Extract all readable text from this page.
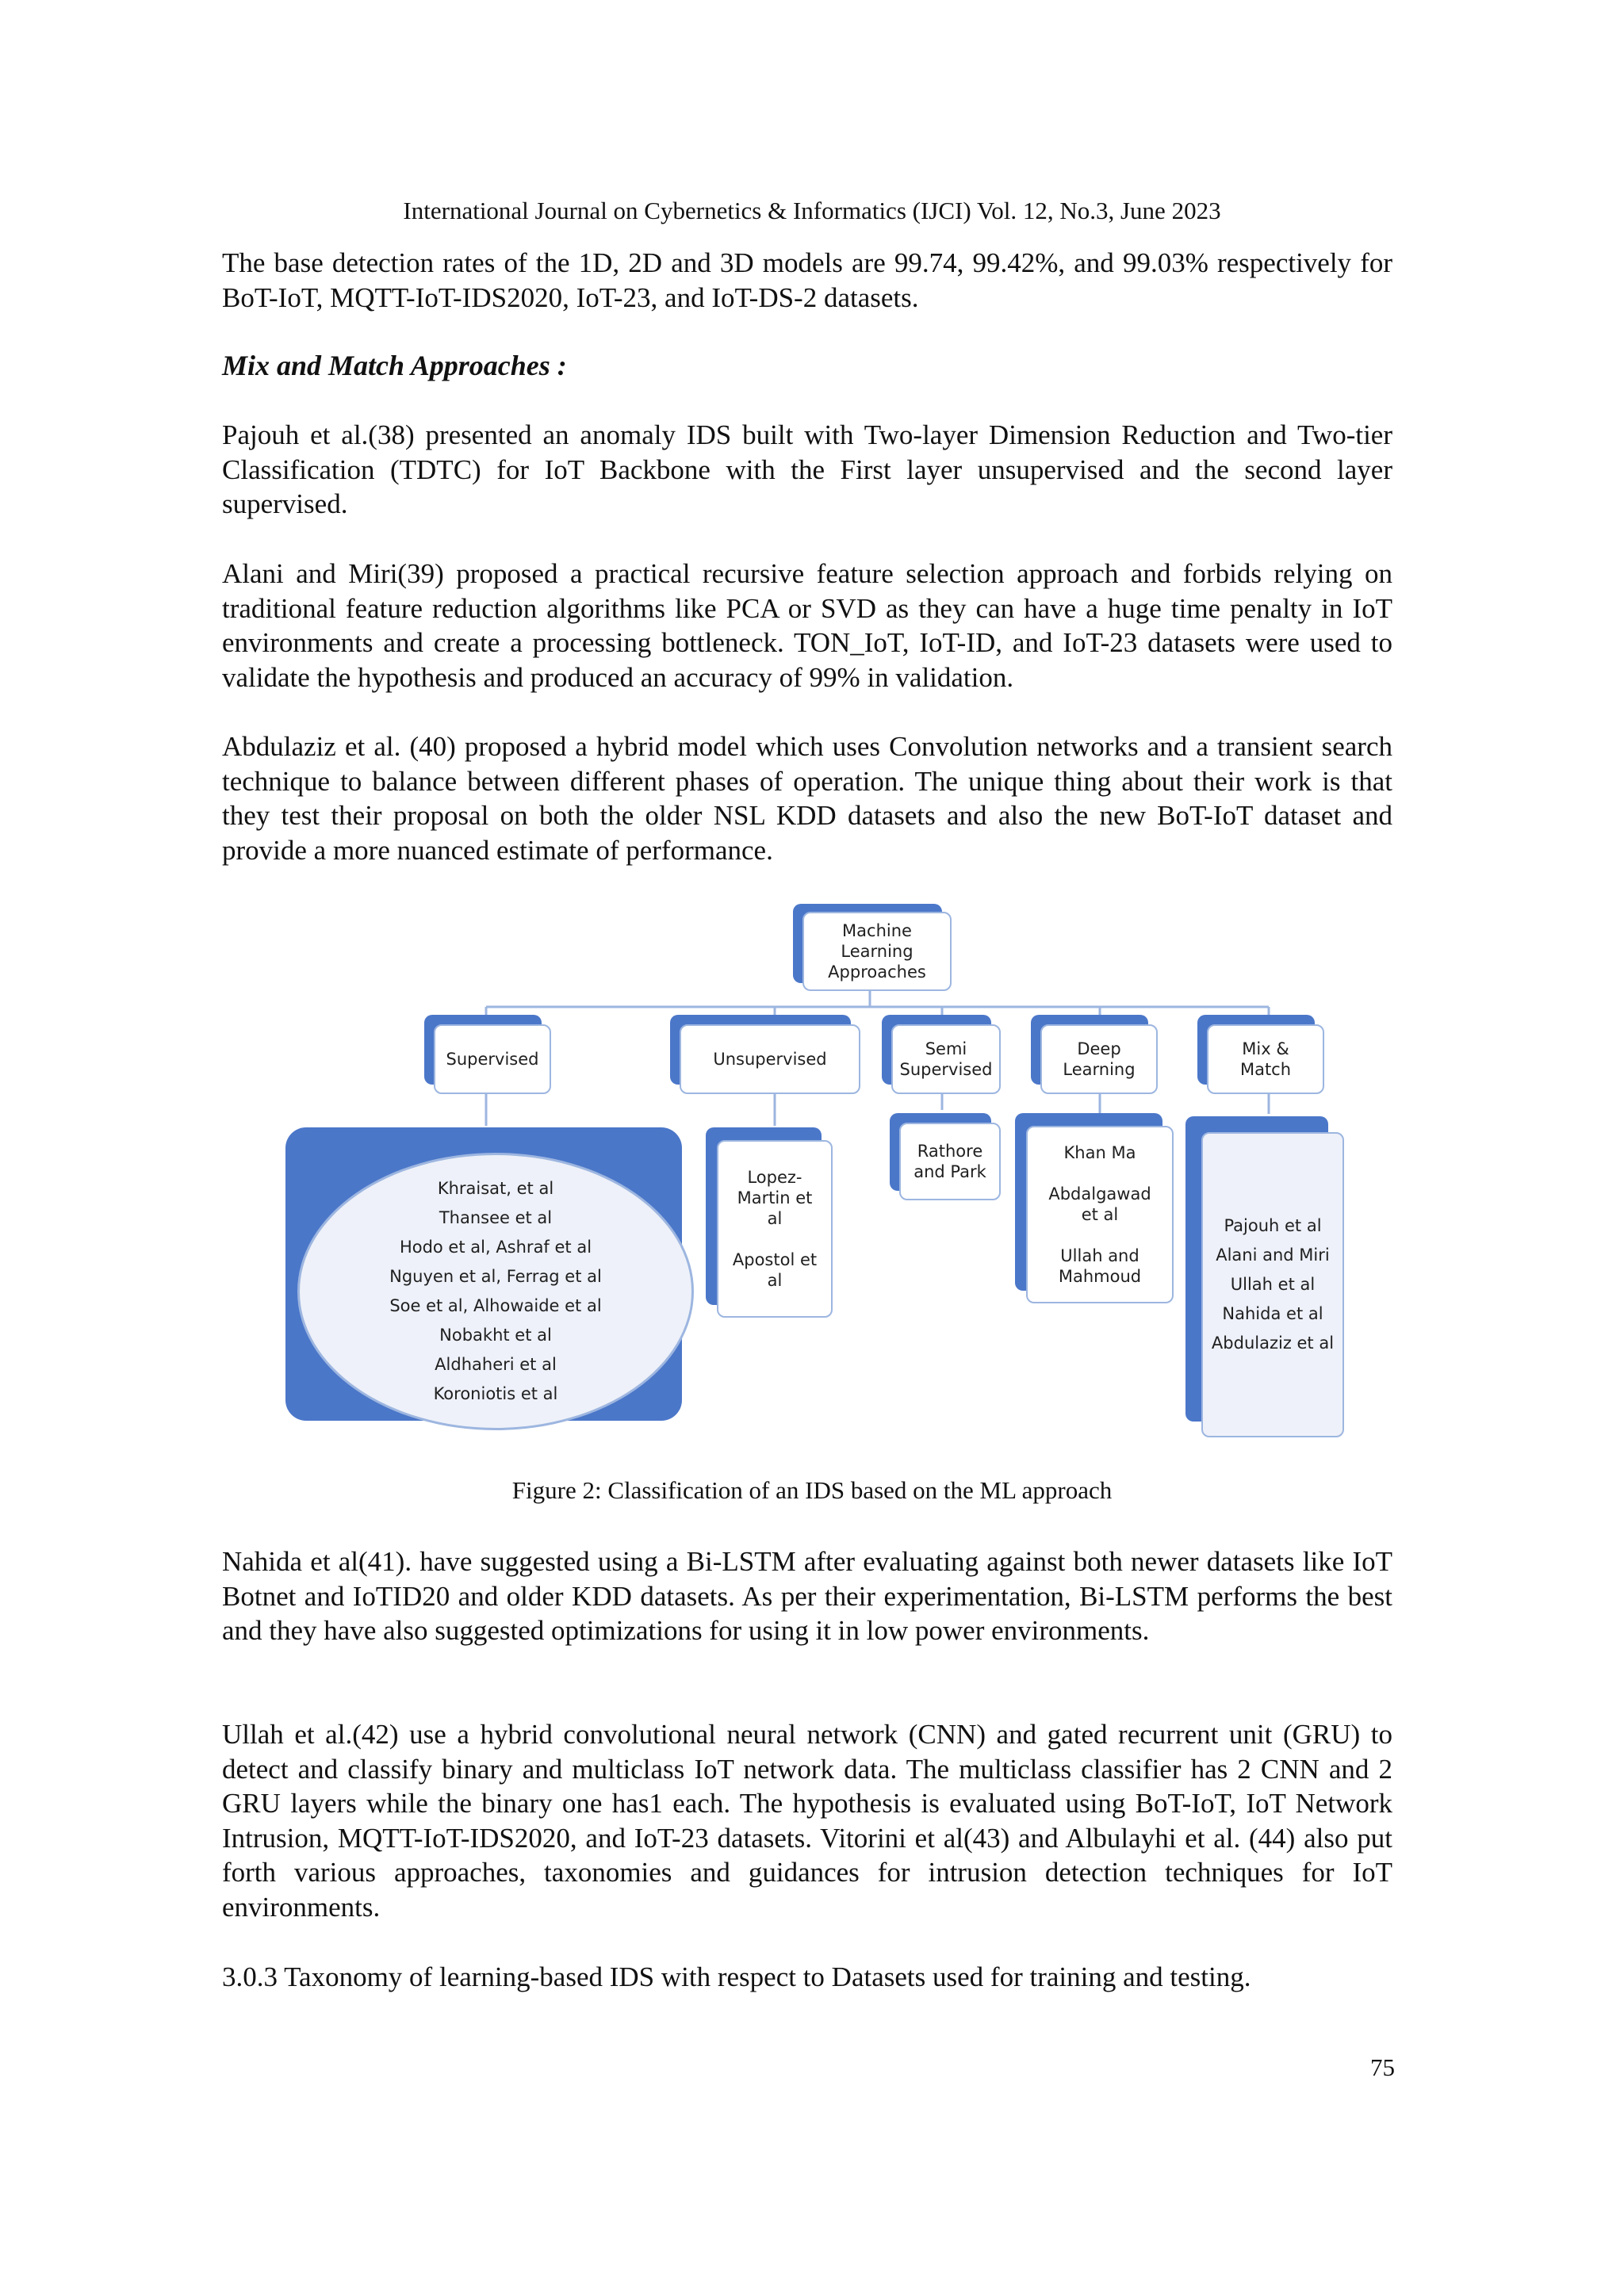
International Journal on Cybernetics & Informatics (IJCI) Vol. 12, No.3, June 2023
The base detection rates of the 1D, 2D and 3D models are 99.74, 99.42%, and 99.03% respectively for BoT-IoT, MQTT-IoT-IDS2020, IoT-23, and IoT-DS-2 datasets.
Mix and Match Approaches :
Pajouh et al.(38) presented an anomaly IDS built with Two-layer Dimension Reduction and Two-tier Classification (TDTC) for IoT Backbone with the First layer unsupervised and the second layer supervised.
Alani and Miri(39) proposed a practical recursive feature selection approach and forbids relying on traditional feature reduction algorithms like PCA or SVD as they can have a huge time penalty in IoT environments and create a processing bottleneck. TON_IoT, IoT-ID, and IoT-23 datasets were used to validate the hypothesis and produced an accuracy of 99% in validation.
Abdulaziz et al. (40) proposed a hybrid model which uses Convolution networks and a transient search technique to balance between different phases of operation. The unique thing about their work is that they test their proposal on both the older NSL KDD datasets and also the new BoT-IoT dataset and provide a more nuanced estimate of performance.
Machine
Learning
Approaches
Supervised	Unsupervised
Semi
Supervised
Deep
Learning
Mix &
Match
Khraisat, et al
Thansee et al
Hodo et al, Ashraf et al
Nguyen et al, Ferrag et al
Soe et al, Alhowaide et al
Nobakht et al
Aldhaheri et al
Koroniotis et al
Lopez-
Martin et
al

Apostol et
al
Rathore
and Park
Khan Ma

Abdalgawad
et al

Ullah and
Mahmoud
Pajouh et al
Alani and Miri
Ullah et al
Nahida et al
Abdulaziz et al
Figure 2: Classification of an IDS based on the ML approach
Nahida et al(41). have suggested using a Bi-LSTM after evaluating against both newer datasets like IoT Botnet and IoTID20 and older KDD datasets. As per their experimentation, Bi-LSTM performs the best and they have also suggested optimizations for using it in low power environments.
Ullah et al.(42) use a hybrid convolutional neural network (CNN) and gated recurrent unit (GRU) to detect and classify binary and multiclass IoT network data. The multiclass classifier has 2 CNN and 2 GRU layers while the binary one has1 each. The hypothesis is evaluated using BoT-IoT, IoT Network Intrusion, MQTT-IoT-IDS2020, and IoT-23 datasets. Vitorini et al(43) and Albulayhi et al. (44) also put forth various approaches, taxonomies and guidances for intrusion detection techniques for IoT environments.
3.0.3 Taxonomy of learning-based IDS with respect to Datasets used for training and testing.
75
